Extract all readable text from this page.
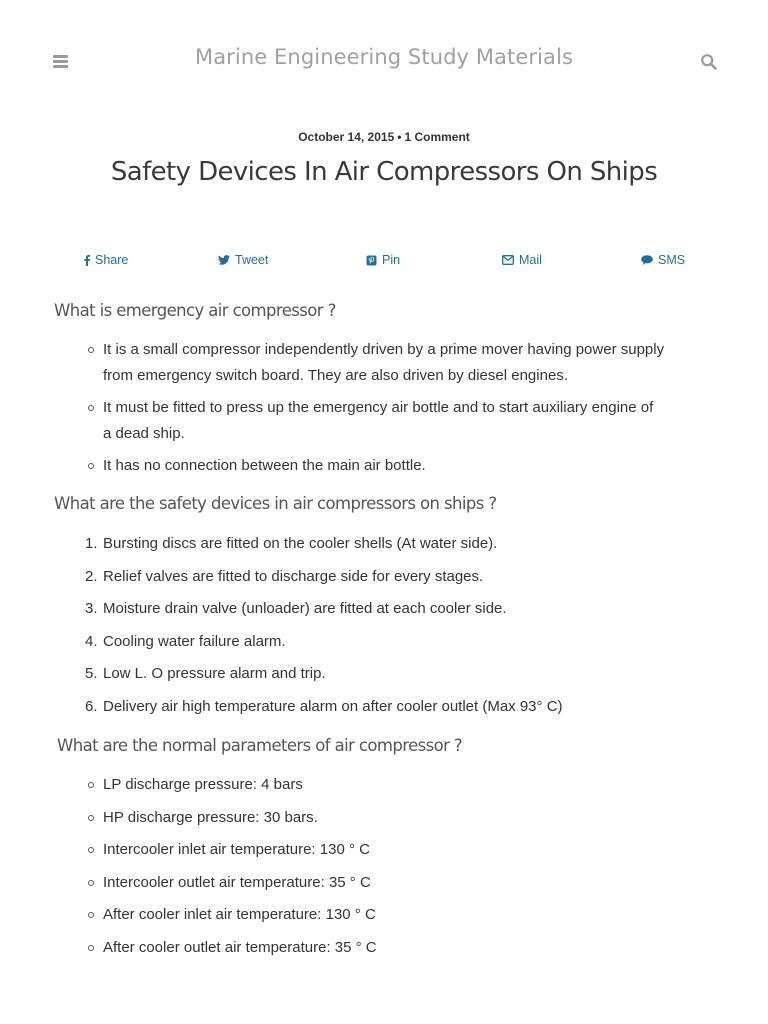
Marine Engineering Study Materials
October 14, 2015 • 1 Comment
Safety Devices In Air Compressors On Ships
Share	Tweet	Pin	Mail	SMS
What is emergency air compressor ?
It is a small compressor independently driven by a prime mover having power supply
from emergency switch board. They are also driven by diesel engines.
It must be fitted to press up the emergency air bottle and to start auxiliary engine of
a dead ship.
It has no connection between the main air bottle.
What are the safety devices in air compressors on ships ?
1. Bursting discs are fitted on the cooler shells (At water side).
2. Relief valves are fitted to discharge side for every stages.
3. Moisture drain valve (unloader) are fitted at each cooler side.
4. Cooling water failure alarm.
5. Low L. O pressure alarm and trip.
6. Delivery air high temperature alarm on after cooler outlet (Max 93° C)
What are the normal parameters of air compressor ?
LP discharge pressure: 4 bars
HP discharge pressure: 30 bars.
Intercooler inlet air temperature: 130 ° C
Intercooler outlet air temperature: 35 ° C
After cooler inlet air temperature: 130 ° C
After cooler outlet air temperature: 35 ° C
